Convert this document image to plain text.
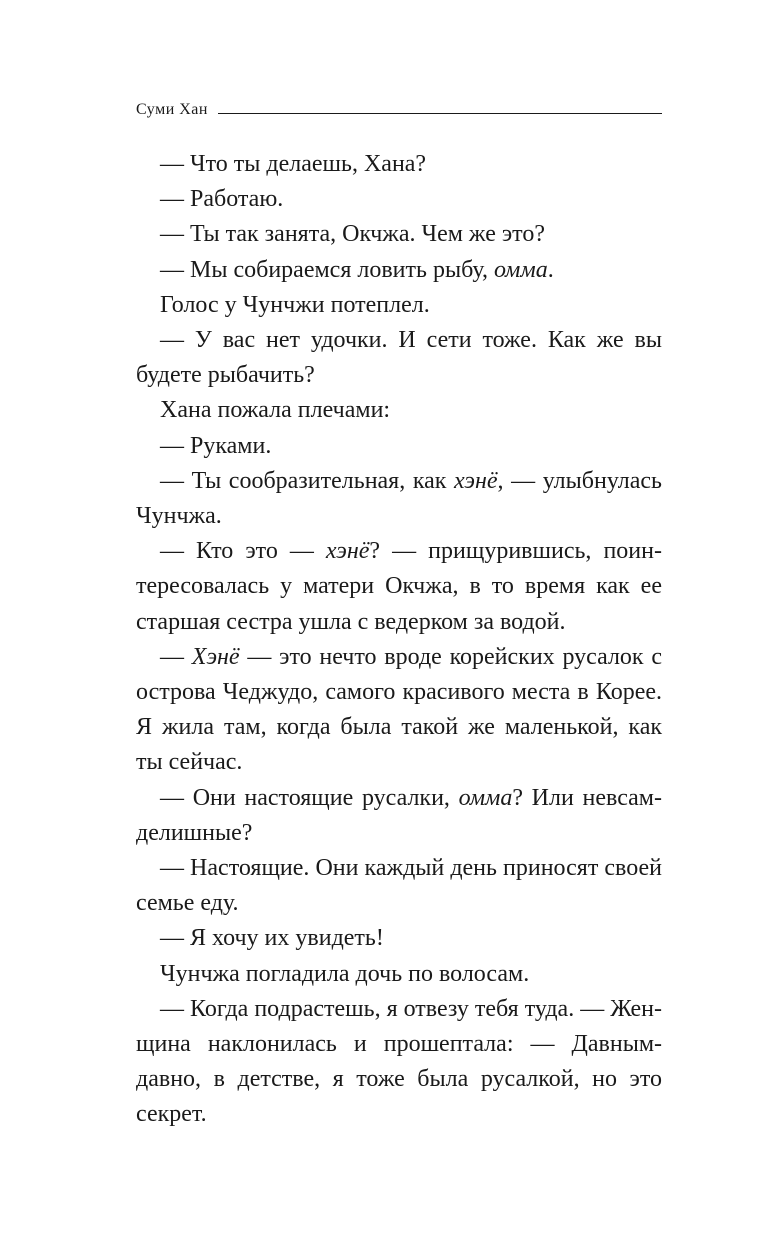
Суми Хан

— Что ты делаешь, Хана?

— Работаю.

— Ты так занята, Окчжа. Чем же это?

— Мы собираемся ловить рыбу, омма.

Голос у Чунчжи потеплел.

— У вас нет удочки. И сети тоже. Как же вы будете рыбачить?

Хана пожала плечами:

— Руками.

— Ты сообразительная, как хэнё, — улыбнулась Чунчжа.

— Кто это — хэнё? — прищурившись, поинтересовалась у матери Окчжа, в то время как ее старшая сестра ушла с ведерком за водой.

— Хэнё — это нечто вроде корейских русалок с острова Чеджудо, самого красивого места в Корее. Я жила там, когда была такой же маленькой, как ты сейчас.

— Они настоящие русалки, омма? Или невсамделишные?

— Настоящие. Они каждый день приносят своей семье еду.

— Я хочу их увидеть!

Чунчжа погладила дочь по волосам.

— Когда подрастешь, я отвезу тебя туда. — Женщина наклонилась и прошептала: — Давным-давно, в детстве, я тоже была русалкой, но это секрет.
